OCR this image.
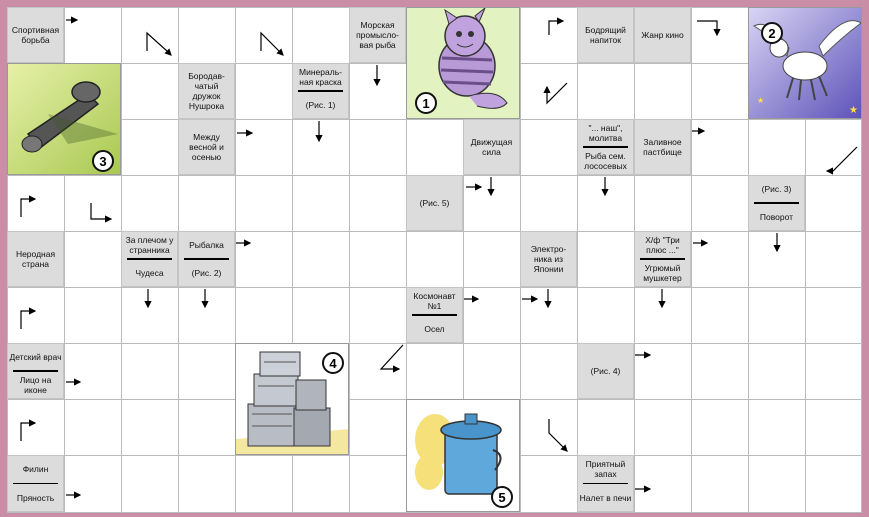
Спортивная борьба
Морская промысло-вая рыба
Бодрящий напиток	Жанр кино
Бородав-чатый дружок Нушрока
Минераль-ная краска
(Рис. 1)
Между весной и осенью
Движущая сила
"... наш", молитва
Рыба сем. лососевых
Заливное пастбище
(Рис. 5)
(Рис. 3)
Поворот
Неродная страна
За плечом у странника
Чудеса
Рыбалка
(Рис. 2)
Электро-ника из Японии
Х/ф "Три плюс ..."
Угрюмый мушкетер
Космонавт №1
Осел
Детский врач
Лицо на иконе
(Рис. 4)
Филин
Пряность
Приятный запах
Налет в печи
1	★
★
2
3
4
5
